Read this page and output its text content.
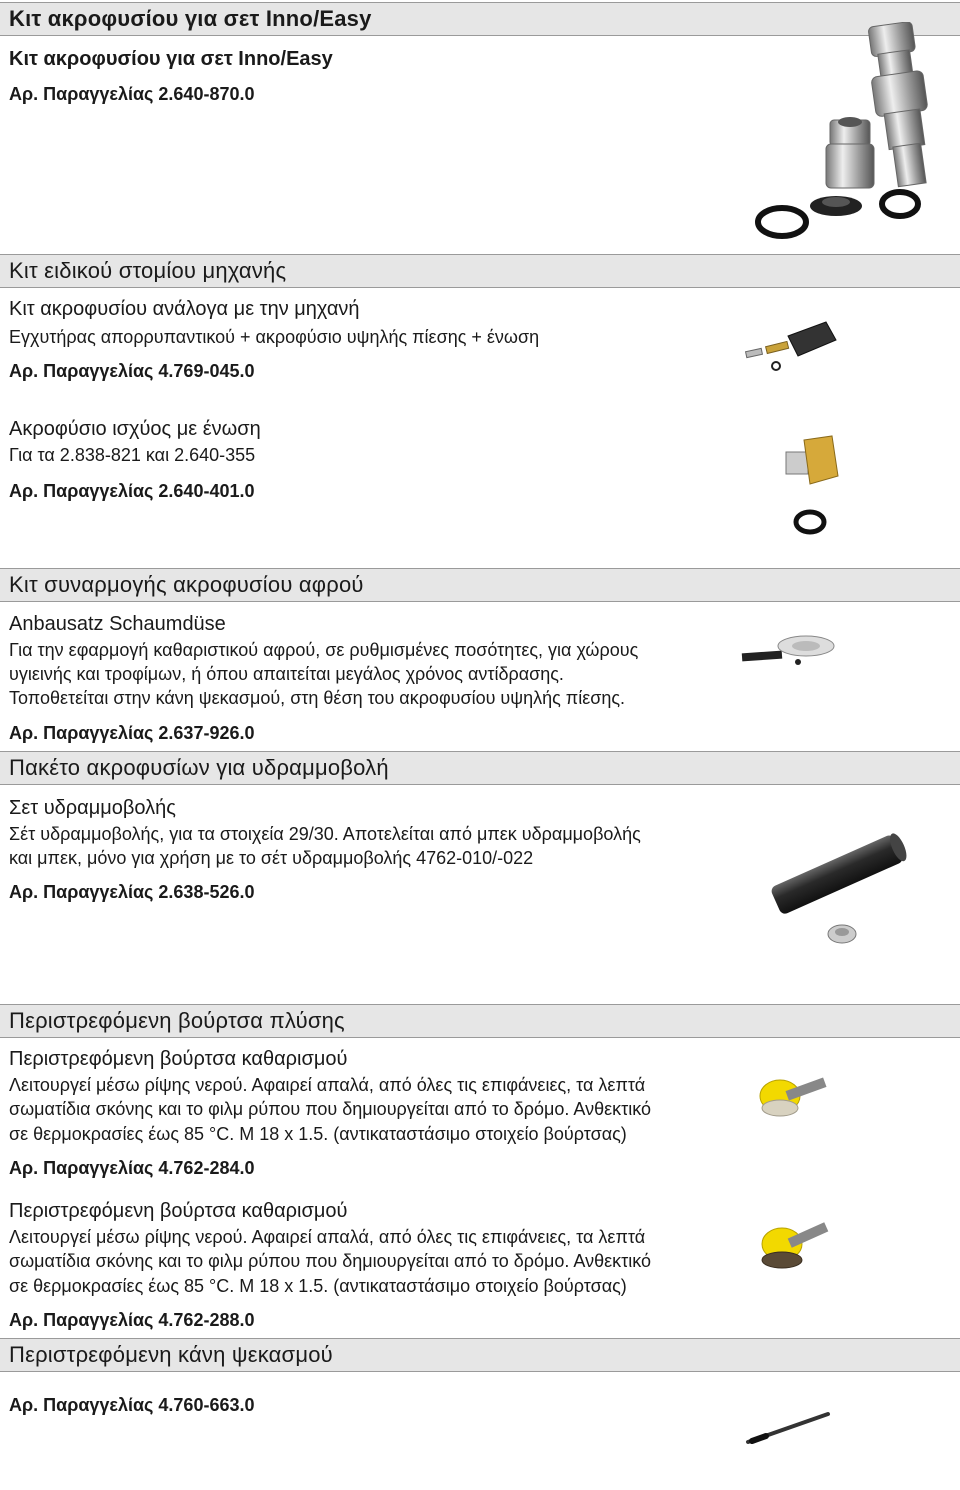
Κιτ ακροφυσίου για σετ Inno/Easy
Κιτ ακροφυσίου για σετ Inno/Easy
Αρ. Παραγγελίας 2.640-870.0
Κιτ ειδικού στομίου μηχανής
Κιτ ακροφυσίου ανάλογα με την μηχανή
Εγχυτήρας απορρυπαντικού + ακροφύσιο υψηλής πίεσης + ένωση
Αρ. Παραγγελίας 4.769-045.0
Ακροφύσιο ισχύος με ένωση
Για τα 2.838-821 και 2.640-355
Αρ. Παραγγελίας 2.640-401.0
Κιτ συναρμογής ακροφυσίου αφρού
Anbausatz Schaumdüse
Για την εφαρμογή καθαριστικού αφρού, σε ρυθμισμένες ποσότητες, για χώρους
υγιεινής και τροφίμων, ή όπου απαιτείται μεγάλος χρόνος αντίδρασης.
Τοποθετείται στην κάνη ψεκασμού, στη θέση του ακροφυσίου υψηλής πίεσης.
Αρ. Παραγγελίας 2.637-926.0
Πακέτο ακροφυσίων για υδραμμοβολή
Σετ υδραμμοβολής
Σέτ υδραμμοβολής, για τα στοιχεία 29/30. Αποτελείται από μπεκ υδραμμοβολής
και μπεκ, μόνο για χρήση με το σέτ υδραμμοβολής 4762-010/-022
Αρ. Παραγγελίας 2.638-526.0
Περιστρεφόμενη βούρτσα πλύσης
Περιστρεφόμενη βούρτσα καθαρισμού
Λειτουργεί μέσω ρίψης νερού. Αφαιρεί απαλά, από όλες τις επιφάνειες, τα λεπτά
σωματίδια σκόνης και το φιλμ ρύπου που δημιουργείται από το δρόμο. Ανθεκτικό
σε θερμοκρασίες έως 85 °C. M 18 x 1.5. (αντικαταστάσιμο στοιχείο βούρτσας)
Αρ. Παραγγελίας 4.762-284.0
Περιστρεφόμενη βούρτσα καθαρισμού
Λειτουργεί μέσω ρίψης νερού. Αφαιρεί απαλά, από όλες τις επιφάνειες, τα λεπτά
σωματίδια σκόνης και το φιλμ ρύπου που δημιουργείται από το δρόμο. Ανθεκτικό
σε θερμοκρασίες έως 85 °C. M 18 x 1.5. (αντικαταστάσιμο στοιχείο βούρτσας)
Αρ. Παραγγελίας 4.762-288.0
Περιστρεφόμενη κάνη ψεκασμού
Αρ. Παραγγελίας 4.760-663.0
